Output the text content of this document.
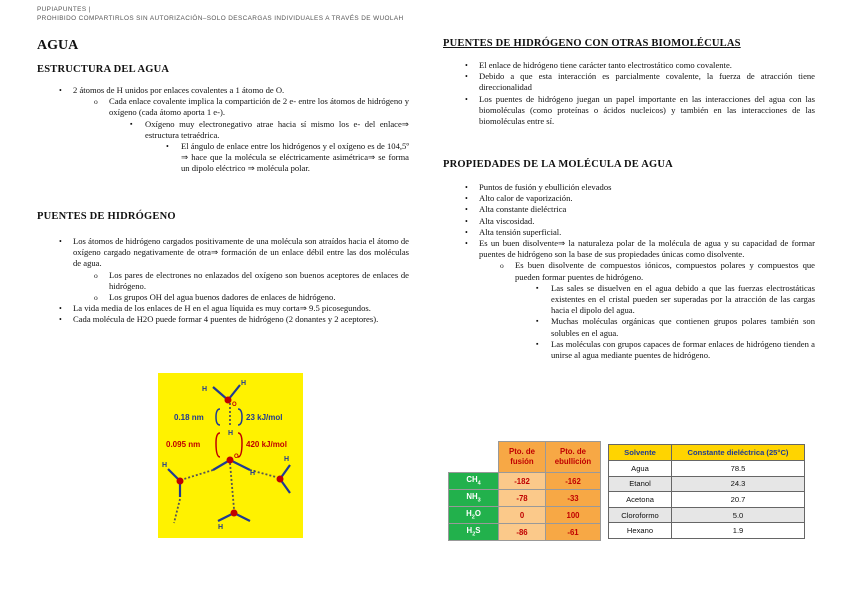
PUPIAPUNTES |
PROHIBIDO COMPARTIRLOS SIN AUTORIZACIÓN–SOLO DESCARGAS INDIVIDUALES A TRAVÉS DE WUOLAH
AGUA
ESTRUCTURA DEL AGUA
• 2 átomos de H unidos por enlaces covalentes a 1 átomo de O.
o Cada enlace covalente implica la compartición de 2 e- entre los átomos de hidrógeno y oxígeno (cada átomo aporta 1 e-).
▪ Oxígeno muy electronegativo atrae hacia sí mismo los e- del enlace⇒ estructura tetraédrica.
• El ángulo de enlace entre los hidrógenos y el oxígeno es de 104,5º ⇒ hace que la molécula se eléctricamente asimétrica⇒ se forma un dipolo eléctrico ⇒ molécula polar.
PUENTES DE HIDRÓGENO
• Los átomos de hidrógeno cargados positivamente de una molécula son atraídos hacia el átomo de oxígeno cargado negativamente de otra⇒ formación de un enlace débil entre las dos moléculas de agua.
o Los pares de electrones no enlazados del oxígeno son buenos aceptores de enlaces de hidrógeno.
o Los grupos OH del agua buenos dadores de enlaces de hidrógeno.
• La vida media de los enlaces de H en el agua líquida es muy corta⇒ 9.5 picosegundos.
• Cada molécula de H2O puede formar 4 puentes de hidrógeno (2 donantes y 2 aceptores).
H
H
H
H
H
H
H
O
O
0.18 nm	23 kJ/mol
0.095 nm	420 kJ/mol
PUENTES DE HIDRÓGENO CON OTRAS BIOMOLÉCULAS
• El enlace de hidrógeno tiene carácter tanto electrostático como covalente.
• Debido a que esta interacción es parcialmente covalente, la fuerza de atracción tiene direccionalidad
• Los puentes de hidrógeno juegan un papel importante en las interacciones del agua con las biomoléculas (como proteínas o ácidos nucleicos) y también en las interacciones de las biomoléculas entre sí.
PROPIEDADES DE LA MOLÉCULA DE AGUA
• Puntos de fusión y ebullición elevados
• Alto calor de vaporización.
• Alta constante dieléctrica
• Alta viscosidad.
• Alta tensión superficial.
• Es un buen disolvente⇒ la naturaleza polar de la molécula de agua y su capacidad de formar puentes de hidrógeno son la base de sus propiedades únicas como disolvente.
o Es buen disolvente de compuestos iónicos, compuestos polares y compuestos que pueden formar puentes de hidrógeno.
▪ Las sales se disuelven en el agua debido a que las fuerzas electrostáticas existentes en el cristal pueden ser superadas por la atracción de las cargas hacia el dipolo del agua.
▪ Muchas moléculas orgánicas que contienen grupos polares también son solubles en el agua.
▪ Las moléculas con grupos capaces de formar enlaces de hidrógeno tienden a unirse al agua mediante puentes de hidrógeno.
	Pto. de fusión	Pto. de ebullición
$CH_4$	-182	-162
$NH_3$	-78	-33
$H_2O$	0	100
$H_2S$	-86	-61
Solvente	Constante dieléctrica (25°C)
Agua	78.5
Etanol	24.3
Acetona	20.7
Cloroformo	5.0
Hexano	1.9
